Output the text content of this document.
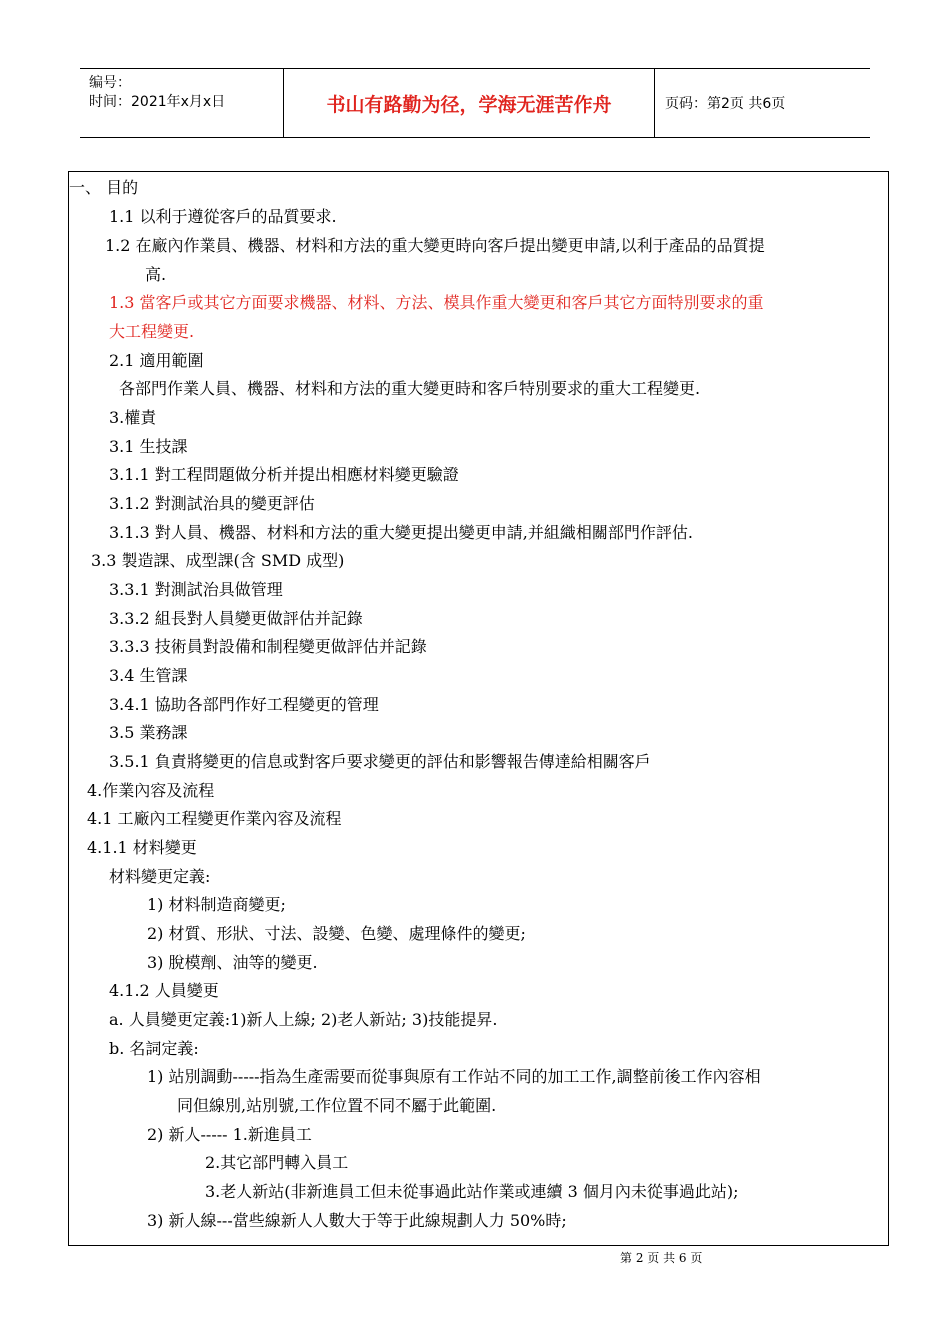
编号：
时间：2021年x月x日	书山有路勤为径，学海无涯苦作舟	页码：第2页 共6页
一、 目的
1.1 以利于遵從客戶的品質要求.
1.2 在廠內作業員、機器、材料和方法的重大變更時向客戶提出變更申請,以利于產品的品質提
高.
1.3 當客戶或其它方面要求機器、材料、方法、模具作重大變更和客戶其它方面特別要求的重
大工程變更.
2.1 適用範圍
各部門作業人員、機器、材料和方法的重大變更時和客戶特別要求的重大工程變更.
3.權責
3.1 生技課
3.1.1 對工程問題做分析并提出相應材料變更驗證
3.1.2 對測試治具的變更評估
3.1.3 對人員、機器、材料和方法的重大變更提出變更申請,并組織相關部門作評估.
3.3 製造課、成型課(含 SMD 成型)
3.3.1 對測試治具做管理
3.3.2 組長對人員變更做評估并記錄
3.3.3 技術員對設備和制程變更做評估并記錄
3.4 生管課
3.4.1 協助各部門作好工程變更的管理
3.5 業務課
3.5.1 負責將變更的信息或對客戶要求變更的評估和影響報告傳達給相關客戶
4.作業內容及流程
4.1 工廠內工程變更作業內容及流程
4.1.1 材料變更
材料變更定義:
1) 材料制造商變更;
2) 材質、形狀、寸法、設變、色變、處理條件的變更;
3) 脫模劑、油等的變更.
4.1.2 人員變更
a. 人員變更定義:1)新人上線; 2)老人新站; 3)技能提昇.
b. 名詞定義:
1) 站別調動-----指為生產需要而從事與原有工作站不同的加工工作,調整前後工作內容相
同但線別,站別號,工作位置不同不屬于此範圍.
2) 新人----- 1.新進員工
2.其它部門轉入員工
3.老人新站(非新進員工但未從事過此站作業或連續 3 個月內未從事過此站);
3) 新人線---當些線新人人數大于等于此線規劃人力 50%時;
第 2 页 共 6 页
